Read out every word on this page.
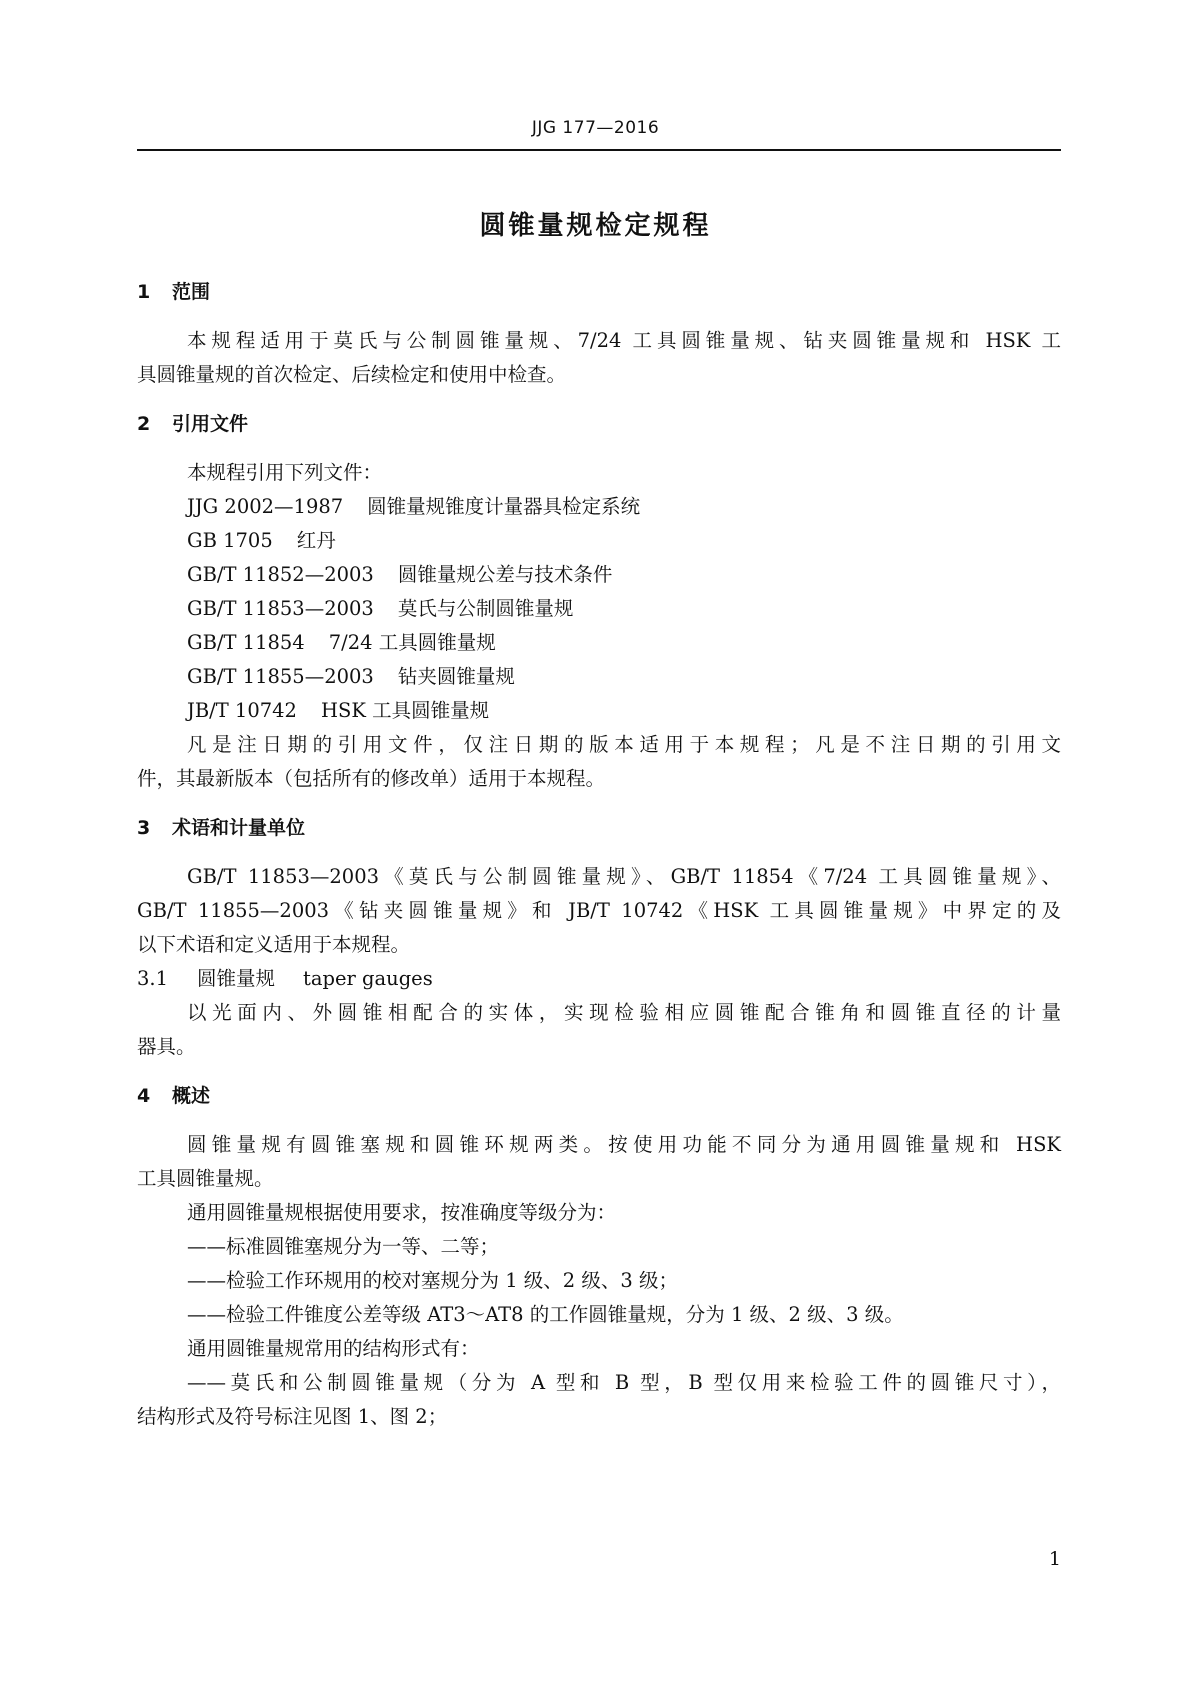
JJG 177—2016
圆锥量规检定规程
1 范围
本规程适用于莫氏与公制圆锥量规、7/24 工具圆锥量规、钻夹圆锥量规和 HSK 工
具圆锥量规的首次检定、后续检定和使用中检查。
2 引用文件
本规程引用下列文件：
JJG 2002—1987 圆锥量规锥度计量器具检定系统
GB 1705 红丹
GB/T 11852—2003 圆锥量规公差与技术条件
GB/T 11853—2003 莫氏与公制圆锥量规
GB/T 11854 7/24 工具圆锥量规
GB/T 11855—2003 钻夹圆锥量规
JB/T 10742 HSK 工具圆锥量规
凡是注日期的引用文件，仅注日期的版本适用于本规程；凡是不注日期的引用文
件，其最新版本（包括所有的修改单）适用于本规程。
3 术语和计量单位
GB/T 11853—2003《莫氏与公制圆锥量规》、GB/T 11854《7/24 工具圆锥量规》、
GB/T 11855—2003《钻夹圆锥量规》和 JB/T 10742《HSK 工具圆锥量规》中界定的及
以下术语和定义适用于本规程。
3.1 圆锥量规 taper gauges
以光面内、外圆锥相配合的实体，实现检验相应圆锥配合锥角和圆锥直径的计量
器具。
4 概述
圆锥量规有圆锥塞规和圆锥环规两类。按使用功能不同分为通用圆锥量规和 HSK
工具圆锥量规。
通用圆锥量规根据使用要求，按准确度等级分为：
——标准圆锥塞规分为一等、二等；
——检验工作环规用的校对塞规分为 1 级、2 级、3 级；
——检验工件锥度公差等级 AT3～AT8 的工作圆锥量规，分为 1 级、2 级、3 级。
通用圆锥量规常用的结构形式有：
——莫氏和公制圆锥量规（分为 A 型和 B 型，B 型仅用来检验工件的圆锥尺寸），
结构形式及符号标注见图 1、图 2；
1
